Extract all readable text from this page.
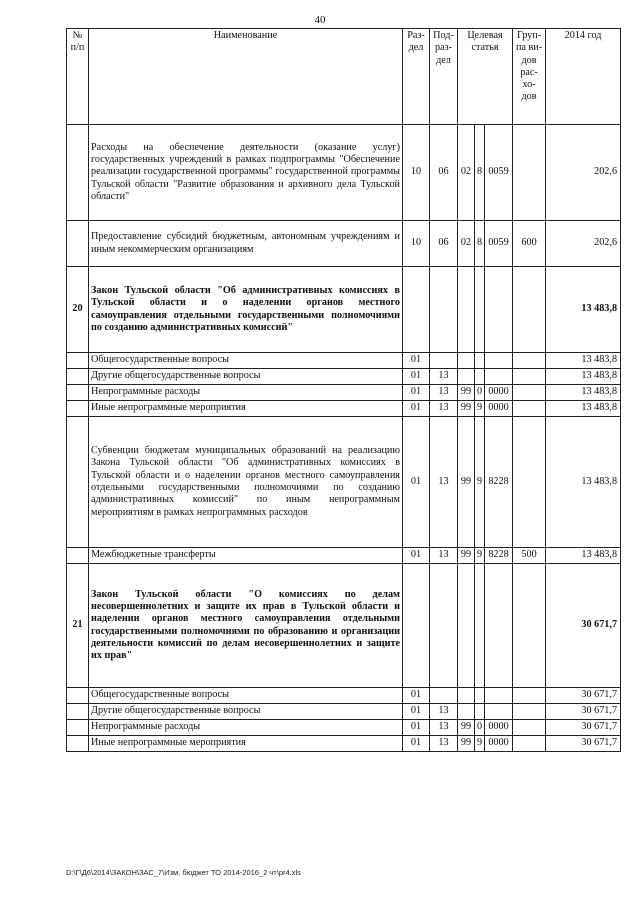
40
№ п/п	Наименование	Раз-дел	Под-раз-дел	Целевая статья			Груп-па ви-дов рас-хо-дов	2014 год
	Расходы на обеспечение деятельности (оказание услуг) государственных учреждений в рамках подпрограммы "Обеспечение реализации государственной программы" государственной программы Тульской области "Развитие образования и архивного дела Тульской области"	10	06	02	8	0059		202,6
	Предоставление субсидий бюджетным, автономным учреждениям и иным некоммерческим организациям	10	06	02	8	0059	600	202,6
20	Закон Тульской области "Об административных комиссиях в Тульской области и о наделении органов местного самоуправления отдельными государственными полномочиями по созданию административных комиссий"							13 483,8
	Общегосударственные вопросы	01						13 483,8
	Другие общегосударственные вопросы	01	13					13 483,8
	Непрограммные расходы	01	13	99	0	0000		13 483,8
	Иные непрограммные мероприятия	01	13	99	9	0000		13 483,8
	Субвенции бюджетам муниципальных образований на реализацию Закона Тульской области "Об административных комиссиях в Тульской области и о наделении органов местного самоуправления отдельными государственными полномочиями по созданию административных комиссий" по иным непрограммным мероприятиям в рамках непрограммных расходов	01	13	99	9	8228		13 483,8
	Межбюджетные трансферты	01	13	99	9	8228	500	13 483,8
21	Закон Тульской области "О комиссиях по делам несовершеннолетних и защите их прав в Тульской области и наделении органов местного самоуправления отдельными государственными полномочиями по образованию и организации деятельности комиссий по делам несовершеннолетних и защите их прав"							30 671,7
	Общегосударственные вопросы	01						30 671,7
	Другие общегосударственные вопросы	01	13					30 671,7
	Непрограммные расходы	01	13	99	0	0000		30 671,7
	Иные непрограммные мероприятия	01	13	99	9	0000		30 671,7
D:\Г\Д6\2014\ЗАКОН\ЗАС_7\Изм. бюджет ТО 2014-2016_2 чт\pr4.xls
